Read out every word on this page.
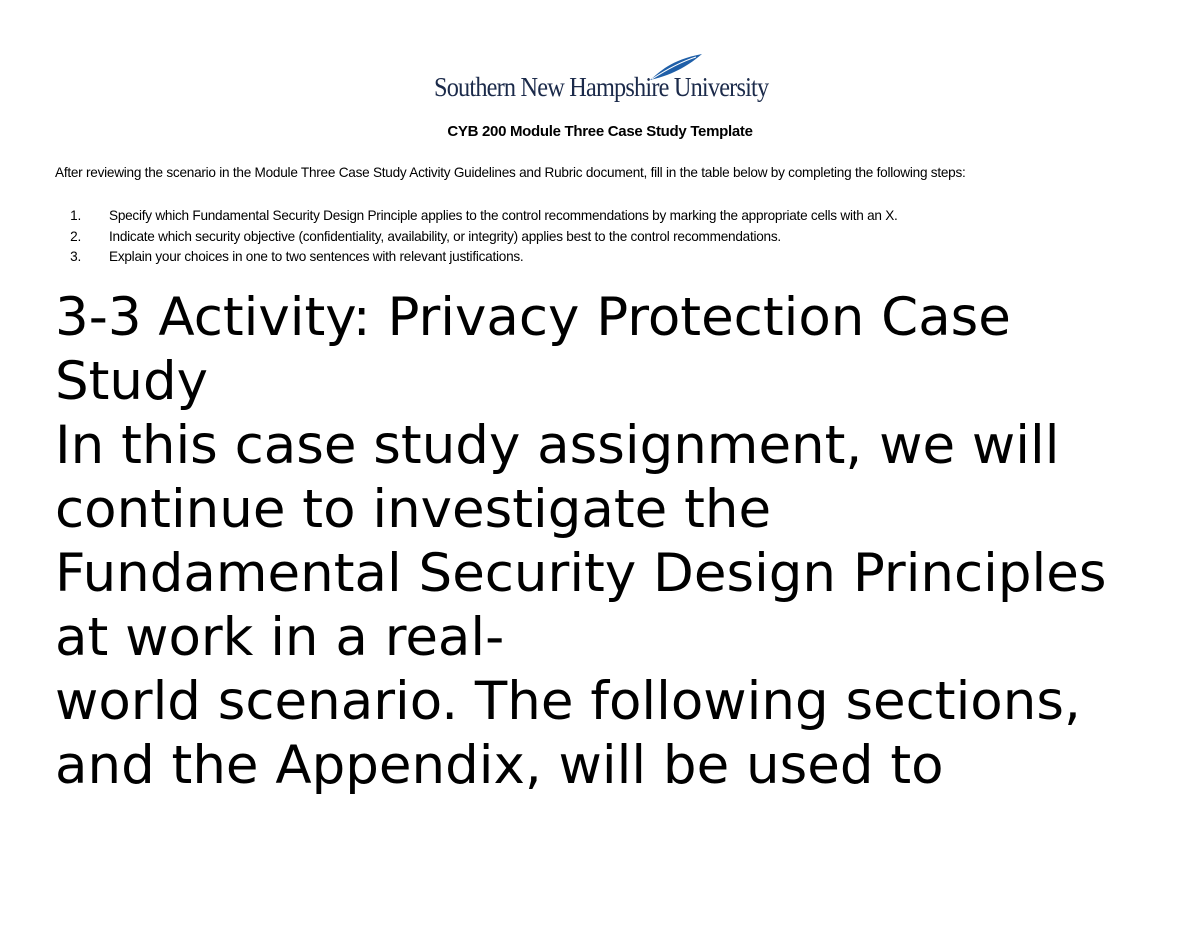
Southern New Hampshire University
CYB 200 Module Three Case Study Template
After reviewing the scenario in the Module Three Case Study Activity Guidelines and Rubric document, fill in the table below by completing the following steps:
1. Specify which Fundamental Security Design Principle applies to the control recommendations by marking the appropriate cells with an X.
2. Indicate which security objective (confidentiality, availability, or integrity) applies best to the control recommendations.
3. Explain your choices in one to two sentences with relevant justifications.
3-3 Activity: Privacy Protection Case
Study
In this case study assignment, we will
continue to investigate the
Fundamental Security Design Principles
at work in a real-
world scenario. The following sections,
and the Appendix, will be used to
